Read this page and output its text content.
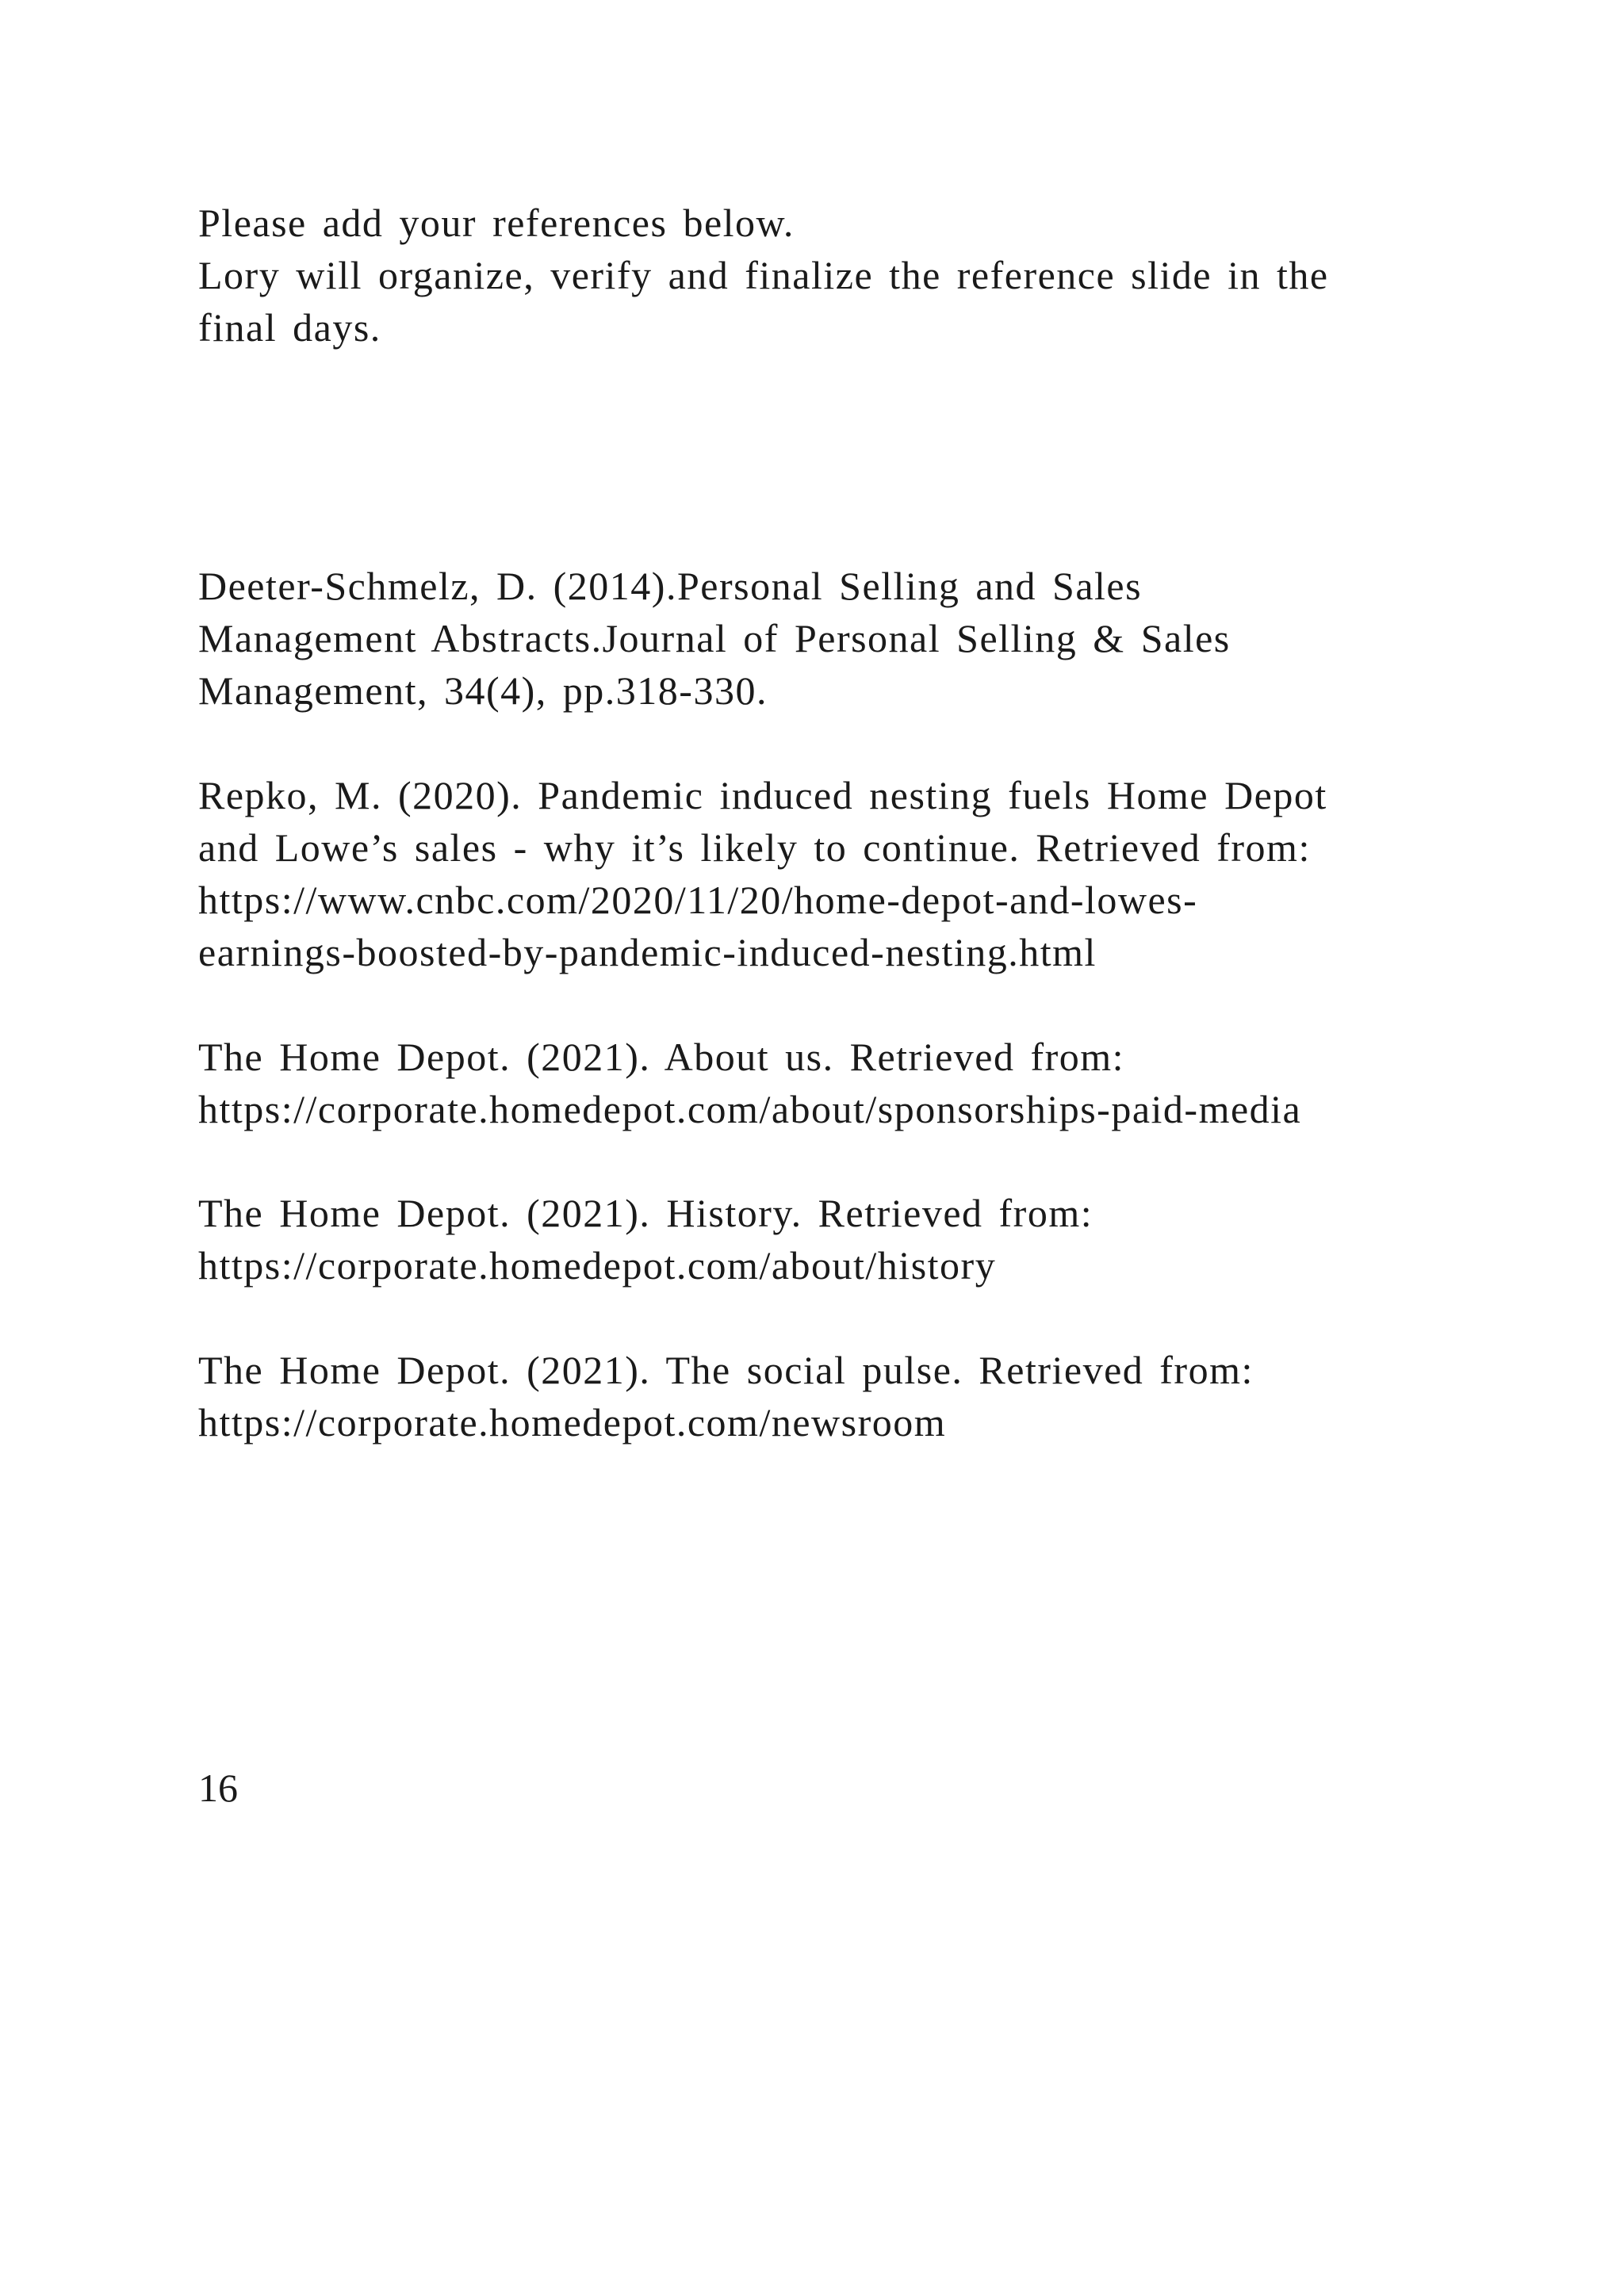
Please add your references below.
Lory will organize, verify and finalize the reference slide in the
final days.
Deeter-Schmelz, D. (2014).Personal Selling and Sales
Management Abstracts.Journal of Personal Selling & Sales
Management, 34(4), pp.318-330.
Repko, M. (2020). Pandemic induced nesting fuels Home Depot
and Lowe’s sales - why it’s likely to continue. Retrieved from:
https://www.cnbc.com/2020/11/20/home-depot-and-lowes-
earnings-boosted-by-pandemic-induced-nesting.html
The Home Depot. (2021). About us. Retrieved from:
https://corporate.homedepot.com/about/sponsorships-paid-media
The Home Depot. (2021). History. Retrieved from:
https://corporate.homedepot.com/about/history
The Home Depot. (2021). The social pulse. Retrieved from:
https://corporate.homedepot.com/newsroom
16
